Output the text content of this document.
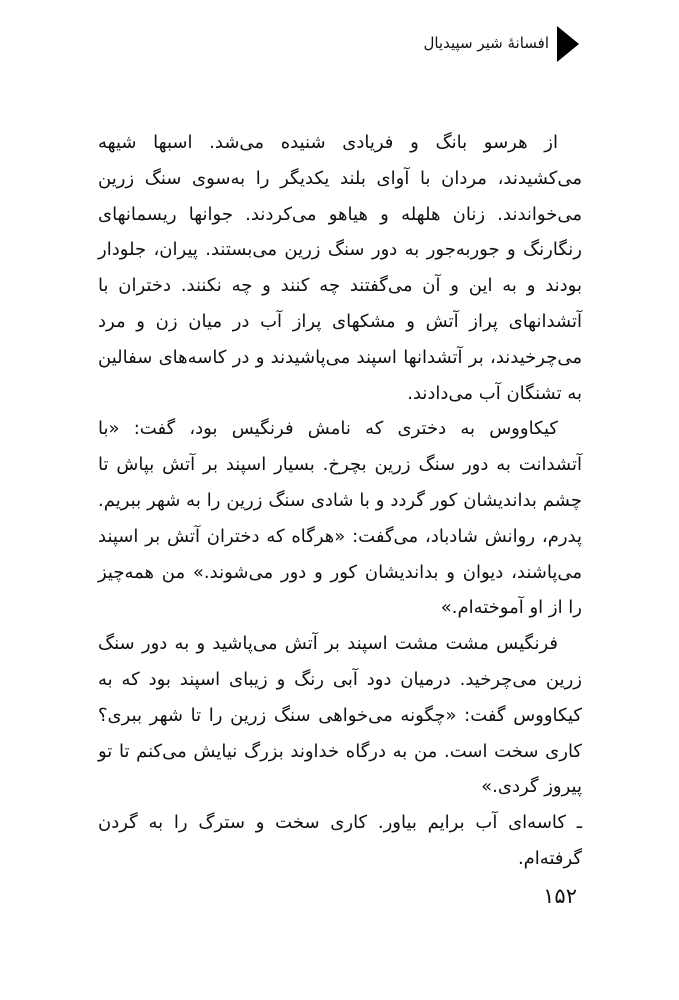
افسانهٔ شیر سپیدیال

از هرسو بانگ و فریادی شنیده می‌شد. اسبها شیهه می‌کشیدند، مردان با آوای بلند یکدیگر را به‌سوی سنگ زرین می‌خواندند. زنان هلهله و هیاهو می‌کردند. جوانها ریسمانهای رنگارنگ و جوربه‌جور به دور سنگ زرین می‌بستند. پیران، جلودار بودند و به این و آن می‌گفتند چه کنند و چه نکنند. دختران با آتشدانهای پراز آتش و مشکهای پراز آب در میان زن و مرد می‌چرخیدند، بر آتشدانها اسپند می‌پاشیدند و در کاسه‌های سفالین به تشنگان آب می‌دادند.

کیکاووس به دختری که نامش فرنگیس بود، گفت: «با آتشدانت به دور سنگ زرین بچرخ. بسیار اسپند بر آتش بپاش تا چشم بداندیشان کور گردد و با شادی سنگ زرین را به شهر ببریم. پدرم، روانش شادباد، می‌گفت: «هرگاه که دختران آتش بر اسپند می‌پاشند، دیوان و بداندیشان کور و دور می‌شوند.» من همه‌چیز را از او آموخته‌ام.»

فرنگیس مشت مشت اسپند بر آتش می‌پاشید و به دور سنگ زرین می‌چرخید. درمیان دود آبی رنگ و زیبای اسپند بود که به کیکاووس گفت: «چگونه می‌خواهی سنگ زرین را تا شهر ببری؟ کاری سخت است. من به درگاه خداوند بزرگ نیایش می‌کنم تا تو پیروز گردی.»

ـ کاسه‌ای آب برایم بیاور. کاری سخت و سترگ را به گردن گرفته‌ام.

۱۵۲
